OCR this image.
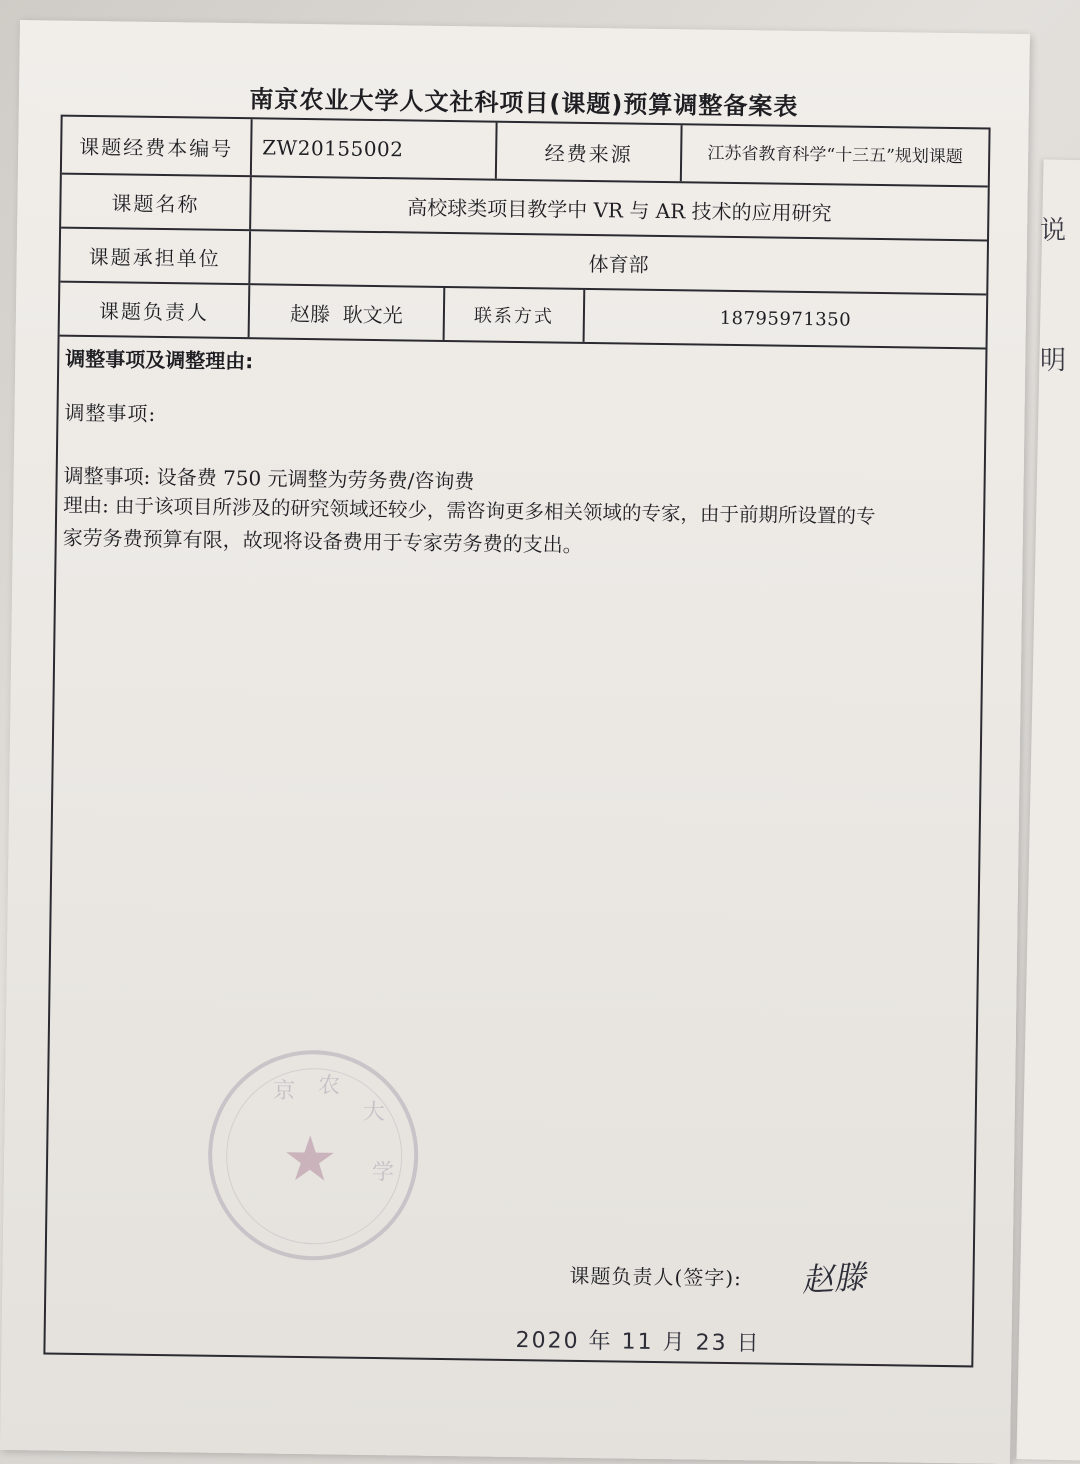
说
明
南京农业大学人文社科项目(课题)预算调整备案表
课题经费本编号	ZW20155002	经费来源	江苏省教育科学“十三五”规划课题
课题名称	高校球类项目教学中 VR 与 AR 技术的应用研究
课题承担单位	体育部
课题负责人	赵滕  耿文光	联系方式	18795971350
调整事项及调整理由:
调整事项:
调整事项: 设备费 750 元调整为劳务费/咨询费
理由: 由于该项目所涉及的研究领域还较少，需咨询更多相关领域的专家，由于前期所设置的专
家劳务费预算有限，故现将设备费用于专家劳务费的支出。
★
京 农
大
学
课题负责人(签字): 赵滕
2020 年 11 月 23 日
